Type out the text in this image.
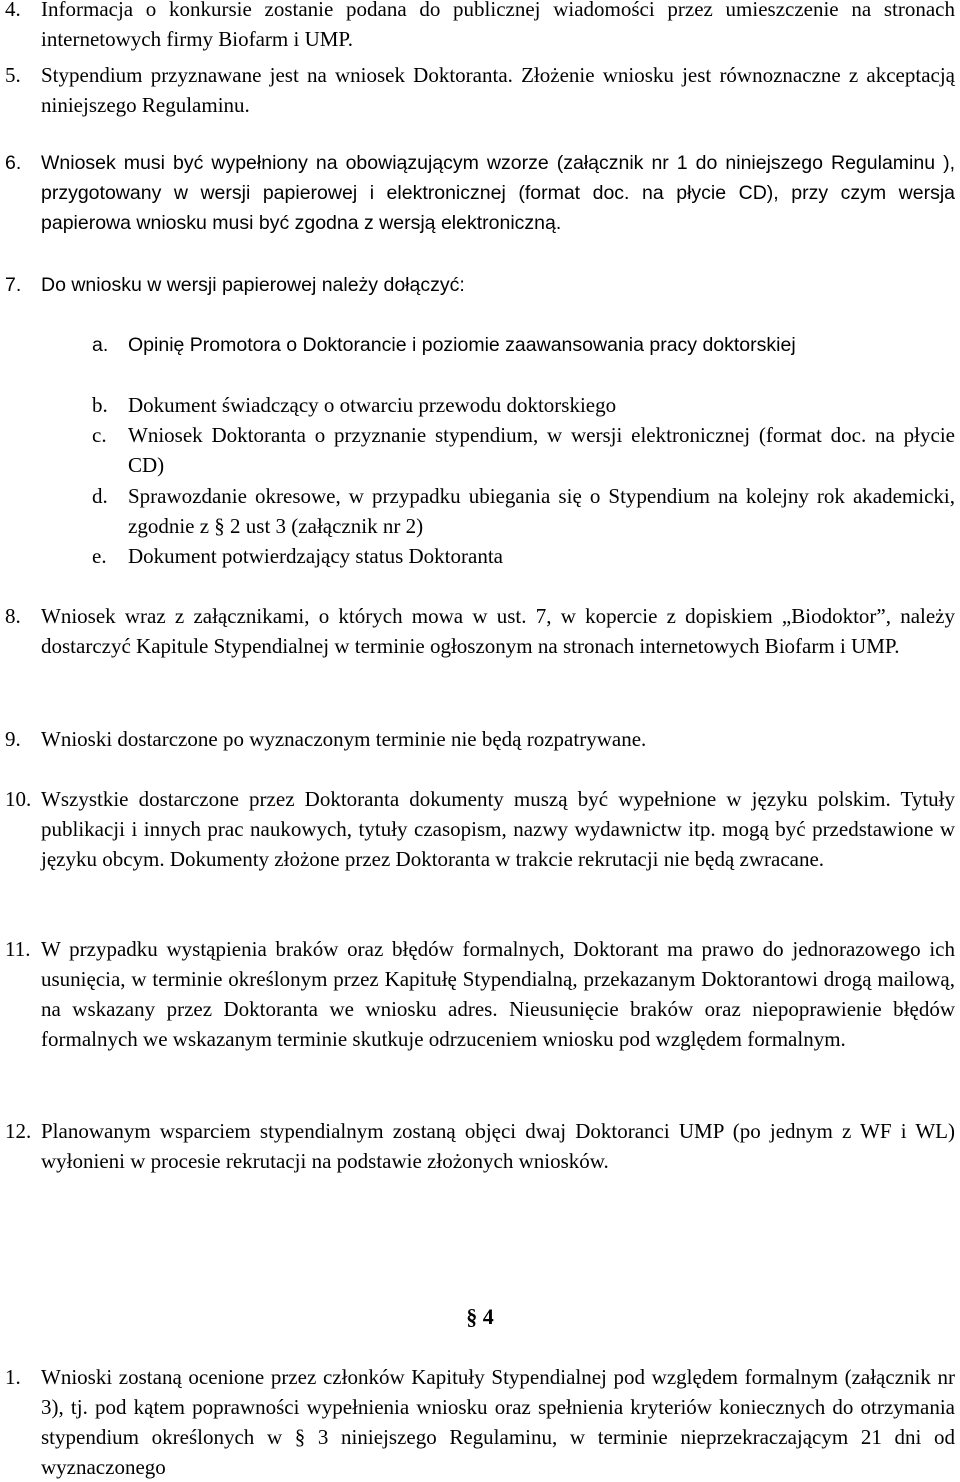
4. Informacja o konkursie zostanie podana do publicznej wiadomości przez umieszczenie na stronach internetowych firmy Biofarm i UMP.
5. Stypendium przyznawane jest na wniosek Doktoranta. Złożenie wniosku jest równoznaczne z akceptacją niniejszego Regulaminu.
6. Wniosek musi być wypełniony na obowiązującym wzorze (załącznik nr 1 do niniejszego Regulaminu ), przygotowany w wersji papierowej i elektronicznej (format doc. na płycie CD), przy czym wersja papierowa wniosku musi być zgodna z wersją elektroniczną.
7. Do wniosku w wersji papierowej należy dołączyć:
a. Opinię Promotora o Doktorancie i poziomie zaawansowania pracy doktorskiej
b. Dokument świadczący o otwarciu przewodu doktorskiego
c. Wniosek Doktoranta o przyznanie stypendium, w wersji elektronicznej (format doc. na płycie CD)
d. Sprawozdanie okresowe, w przypadku ubiegania się o Stypendium na kolejny rok akademicki, zgodnie z § 2 ust 3 (załącznik nr 2)
e. Dokument potwierdzający status Doktoranta
8. Wniosek wraz z załącznikami, o których mowa w ust. 7, w kopercie z dopiskiem „Biodoktor”, należy dostarczyć Kapitule Stypendialnej w terminie ogłoszonym na stronach internetowych Biofarm i UMP.
9. Wnioski dostarczone po wyznaczonym terminie nie będą rozpatrywane.
10. Wszystkie dostarczone przez Doktoranta dokumenty muszą być wypełnione w języku polskim. Tytuły publikacji i innych prac naukowych, tytuły czasopism, nazwy wydawnictw itp. mogą być przedstawione w języku obcym. Dokumenty złożone przez Doktoranta w trakcie rekrutacji nie będą zwracane.
11. W przypadku wystąpienia braków oraz błędów formalnych, Doktorant ma prawo do jednorazowego ich usunięcia, w terminie określonym przez Kapitułę Stypendialną, przekazanym Doktorantowi drogą mailową, na wskazany przez Doktoranta we wniosku adres. Nieusunięcie braków oraz niepoprawienie błędów formalnych we wskazanym terminie skutkuje odrzuceniem wniosku pod względem formalnym.
12. Planowanym wsparciem stypendialnym zostaną objęci dwaj Doktoranci UMP (po jednym z WF i WL) wyłonieni w procesie rekrutacji na podstawie złożonych wniosków.
§ 4
1. Wnioski zostaną ocenione przez członków Kapituły Stypendialnej pod względem formalnym (załącznik nr 3), tj. pod kątem poprawności wypełnienia wniosku oraz spełnienia kryteriów koniecznych do otrzymania stypendium określonych w § 3 niniejszego Regulaminu, w terminie nieprzekraczającym 21 dni od wyznaczonego
